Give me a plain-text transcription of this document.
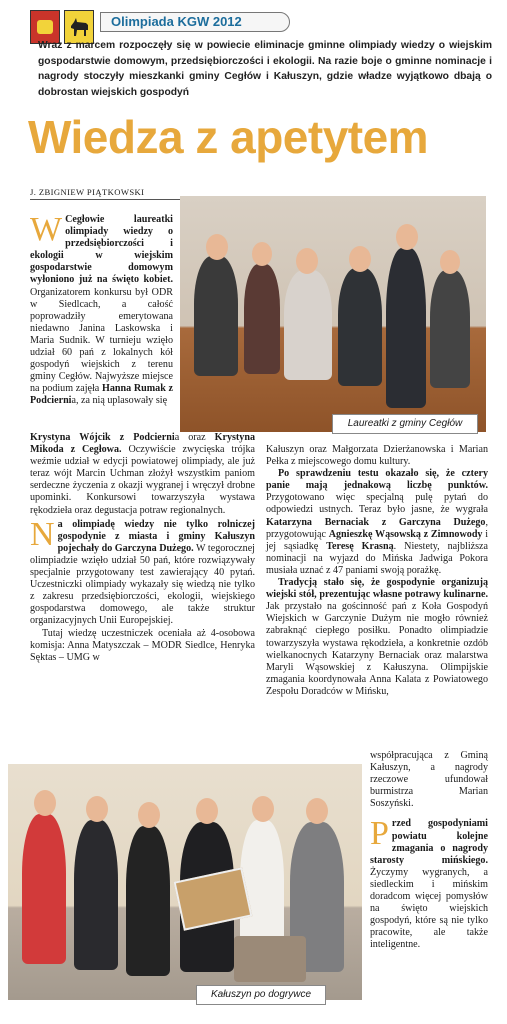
Olimpiada KGW 2012
Wraz z marcem rozpoczęły się w powiecie eliminacje gminne olimpiady wiedzy o wiejskim gospodarstwie domowym, przedsiębiorczości i ekologii. Na razie boje o gminne nominacje i nagrody stoczyły mieszkanki gminy Cegłów i Kałuszyn, gdzie władze wyjątkowo dbają o dobrostan wiejskich gospodyń
Wiedza z apetytem
J. ZBIGNIEW PIĄTKOWSKI
Laureatki z gminy Cegłów

W Cegłowie laureatki olimpiady wiedzy o przedsiębiorczości i ekologii w wiejskim gospodarstwie domowym wyłoniono już na święto kobiet. Organizatorem konkursu był ODR w Siedlcach, a całość poprowadziły emerytowana niedawno Janina Laskowska i Maria Sudnik. W turnieju wzięło udział 60 pań z lokalnych kół gospodyń wiejskich z terenu gminy Cegłów. Najwyższe miejsce na podium zajęła Hanna Rumak z Podciernia, za nią uplasowały się

Krystyna Wójcik z Podciernia oraz Krystyna Mikoda z Cegłowa. Oczywiście zwycięska trójka weźmie udział w edycji powiatowej olimpiady, ale już teraz wójt Marcin Uchman złożył wszystkim paniom serdeczne życzenia z okazji wygranej i wręczył drobne upominki. Konkursowi towarzyszyła wystawa rękodzieła oraz degustacja potraw regionalnych.

Na olimpiadę wiedzy nie tylko rolniczej gospodynie z miasta i gminy Kałuszyn pojechały do Garczyna Dużego. W tegorocznej olimpiadzie wzięło udział 50 pań, które rozwiązywały specjalnie przygotowany test zawierający 40 pytań. Uczestniczki olimpiady wykazały się wiedzą nie tylko z zakresu przedsiębiorczości, ekologii, wiejskiego gospodarstwa domowego, ale także struktur organizacyjnych Unii Europejskiej.

Tutaj wiedzę uczestniczek oceniała aż 4-osobowa komisja: Anna Matyszczak – MODR Siedlce, Henryka Sęktas – UMG w

Kałuszyn oraz Małgorzata Dzierżanowska i Marian Pełka z miejscowego domu kultury.

Po sprawdzeniu testu okazało się, że cztery panie mają jednakową liczbę punktów. Przygotowano więc specjalną pulę pytań do odpowiedzi ustnych. Teraz było jasne, że wygrała Katarzyna Bernaciak z Garczyna Dużego, przygotowując Agnieszkę Wąsowską z Zimnowody i jej sąsiadkę Teresę Krasną. Niestety, najbliższa nominacji na wyjazd do Mińska Jadwiga Pokora musiała uznać z 47 paniami swoją porażkę.

Tradycją stało się, że gospodynie organizują wiejski stół, prezentując własne potrawy kulinarne. Jak przystało na gościnność pań z Koła Gospodyń Wiejskich w Garczynie Dużym nie mogło również zabraknąć ciepłego posiłku. Ponadto olimpiadzie towarzyszyła wystawa rękodzieła, a konkretnie ozdób wielkanocnych Katarzyny Bernaciak oraz malarstwa Maryli Wąsowskiej z Kałuszyna. Olimpijskie zmagania koordynowała Anna Kalata z Powiatowego Zespołu Doradców w Mińsku,

współpracująca z Gminą Kałuszyn, a nagrody rzeczowe ufundował burmistrza Marian Soszyński.

Przed gospodyniami powiatu kolejne zmagania o nagrody starosty mińskiego. Życzymy wygranych, a siedleckim i mińskim doradcom więcej pomysłów na święto wiejskich gospodyń, które są nie tylko pracowite, ale także inteligentne.

Kałuszyn po dogrywce
